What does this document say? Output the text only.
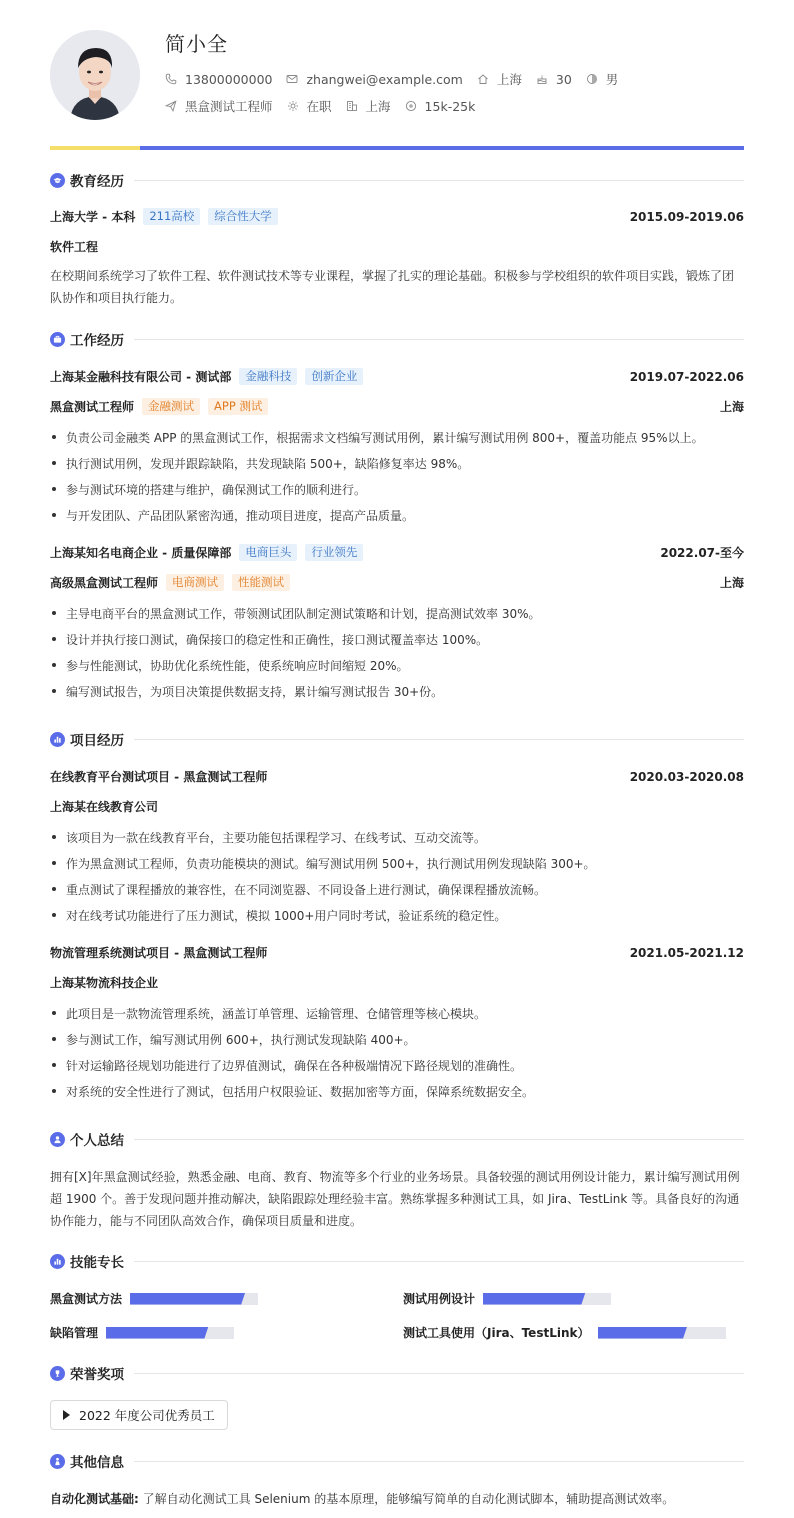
简小全
13800000000	zhangwei@example.com	上海	30	男
黑盒测试工程师	在职	上海	15k-25k
教育经历
上海大学 - 本科	211高校	综合性大学	2015.09-2019.06
软件工程
在校期间系统学习了软件工程、软件测试技术等专业课程，掌握了扎实的理论基础。积极参与学校组织的软件项目实践，锻炼了团队协作和项目执行能力。
工作经历
上海某金融科技有限公司 - 测试部	金融科技	创新企业	2019.07-2022.06
黑盒测试工程师	金融测试	APP 测试	上海
负责公司金融类 APP 的黑盒测试工作，根据需求文档编写测试用例，累计编写测试用例 800+，覆盖功能点 95%以上。
执行测试用例，发现并跟踪缺陷，共发现缺陷 500+，缺陷修复率达 98%。
参与测试环境的搭建与维护，确保测试工作的顺利进行。
与开发团队、产品团队紧密沟通，推动项目进度，提高产品质量。
上海某知名电商企业 - 质量保障部	电商巨头	行业领先	2022.07-至今
高级黑盒测试工程师	电商测试	性能测试	上海
主导电商平台的黑盒测试工作，带领测试团队制定测试策略和计划，提高测试效率 30%。
设计并执行接口测试，确保接口的稳定性和正确性，接口测试覆盖率达 100%。
参与性能测试，协助优化系统性能，使系统响应时间缩短 20%。
编写测试报告，为项目决策提供数据支持，累计编写测试报告 30+份。
项目经历
在线教育平台测试项目 - 黑盒测试工程师	2020.03-2020.08
上海某在线教育公司
该项目为一款在线教育平台，主要功能包括课程学习、在线考试、互动交流等。
作为黑盒测试工程师，负责功能模块的测试。编写测试用例 500+，执行测试用例发现缺陷 300+。
重点测试了课程播放的兼容性，在不同浏览器、不同设备上进行测试，确保课程播放流畅。
对在线考试功能进行了压力测试，模拟 1000+用户同时考试，验证系统的稳定性。
物流管理系统测试项目 - 黑盒测试工程师	2021.05-2021.12
上海某物流科技企业
此项目是一款物流管理系统，涵盖订单管理、运输管理、仓储管理等核心模块。
参与测试工作，编写测试用例 600+，执行测试发现缺陷 400+。
针对运输路径规划功能进行了边界值测试，确保在各种极端情况下路径规划的准确性。
对系统的安全性进行了测试，包括用户权限验证、数据加密等方面，保障系统数据安全。
个人总结
拥有[X]年黑盒测试经验，熟悉金融、电商、教育、物流等多个行业的业务场景。具备较强的测试用例设计能力，累计编写测试用例超 1900 个。善于发现问题并推动解决，缺陷跟踪处理经验丰富。熟练掌握多种测试工具，如 Jira、TestLink 等。具备良好的沟通协作能力，能与不同团队高效合作，确保项目质量和进度。
技能专长
黑盒测试方法	测试用例设计
缺陷管理	测试工具使用（Jira、TestLink）
荣誉奖项
2022 年度公司优秀员工
其他信息
自动化测试基础: 了解自动化测试工具 Selenium 的基本原理，能够编写简单的自动化测试脚本，辅助提高测试效率。
